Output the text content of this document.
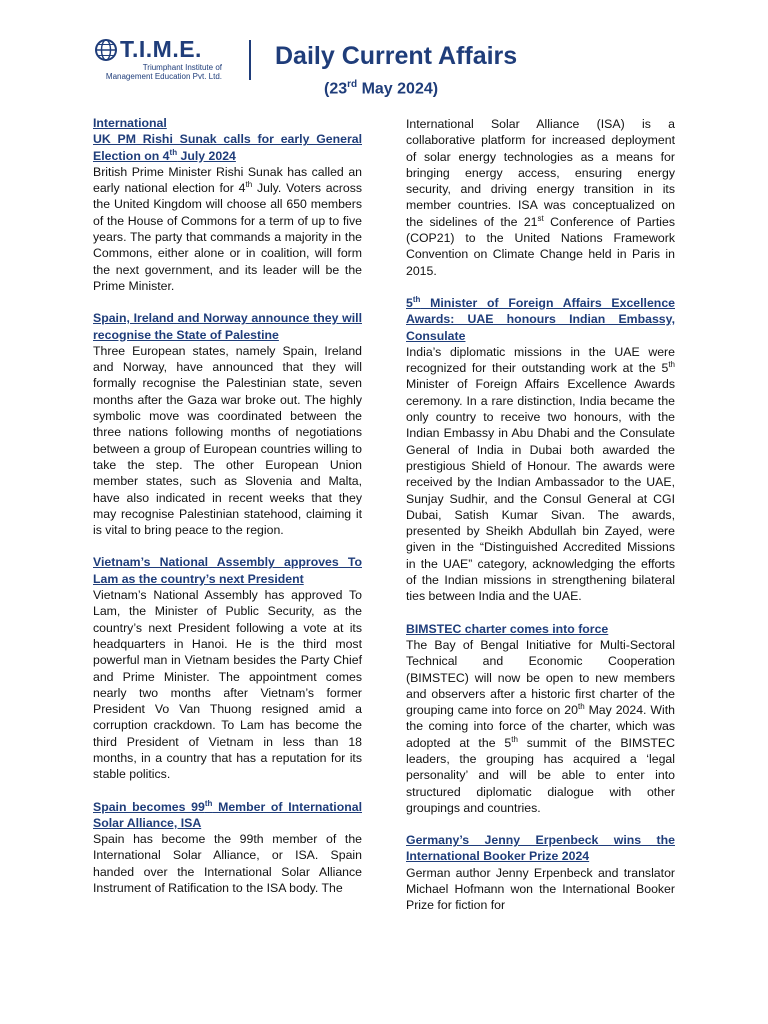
T.I.M.E.
Triumphant Institute of
Management Education Pvt. Ltd.
Daily Current Affairs
(23rd May 2024)
International
UK PM Rishi Sunak calls for early General Election on 4th July 2024
British Prime Minister Rishi Sunak has called an early national election for 4th July. Voters across the United Kingdom will choose all 650 members of the House of Commons for a term of up to five years. The party that commands a majority in the Commons, either alone or in coalition, will form the next government, and its leader will be the Prime Minister.
Spain, Ireland and Norway announce they will recognise the State of Palestine
Three European states, namely Spain, Ireland and Norway, have announced that they will formally recognise the Palestinian state, seven months after the Gaza war broke out. The highly symbolic move was coordinated between the three nations following months of negotiations between a group of European countries willing to take the step. The other European Union member states, such as Slovenia and Malta, have also indicated in recent weeks that they may recognise Palestinian statehood, claiming it is vital to bring peace to the region.
Vietnam’s National Assembly approves To Lam as the country’s next President
Vietnam’s National Assembly has approved To Lam, the Minister of Public Security, as the country’s next President following a vote at its headquarters in Hanoi. He is the third most powerful man in Vietnam besides the Party Chief and Prime Minister. The appointment comes nearly two months after Vietnam’s former President Vo Van Thuong resigned amid a corruption crackdown. To Lam has become the third President of Vietnam in less than 18 months, in a country that has a reputation for its stable politics.
Spain becomes 99th Member of International Solar Alliance, ISA
Spain has become the 99th member of the International Solar Alliance, or ISA. Spain handed over the International Solar Alliance Instrument of Ratification to the ISA body. The
International Solar Alliance (ISA) is a collaborative platform for increased deployment of solar energy technologies as a means for bringing energy access, ensuring energy security, and driving energy transition in its member countries. ISA was conceptualized on the sidelines of the 21st Conference of Parties (COP21) to the United Nations Framework Convention on Climate Change held in Paris in 2015.
5th Minister of Foreign Affairs Excellence Awards: UAE honours Indian Embassy, Consulate
India’s diplomatic missions in the UAE were recognized for their outstanding work at the 5th Minister of Foreign Affairs Excellence Awards ceremony. In a rare distinction, India became the only country to receive two honours, with the Indian Embassy in Abu Dhabi and the Consulate General of India in Dubai both awarded the prestigious Shield of Honour. The awards were received by the Indian Ambassador to the UAE, Sunjay Sudhir, and the Consul General at CGI Dubai, Satish Kumar Sivan. The awards, presented by Sheikh Abdullah bin Zayed, were given in the “Distinguished Accredited Missions in the UAE” category, acknowledging the efforts of the Indian missions in strengthening bilateral ties between India and the UAE.
BIMSTEC charter comes into force
The Bay of Bengal Initiative for Multi-Sectoral Technical and Economic Cooperation (BIMSTEC) will now be open to new members and observers after a historic first charter of the grouping came into force on 20th May 2024. With the coming into force of the charter, which was adopted at the 5th summit of the BIMSTEC leaders, the grouping has acquired a ‘legal personality’ and will be able to enter into structured diplomatic dialogue with other groupings and countries.
Germany’s Jenny Erpenbeck wins the International Booker Prize 2024
German author Jenny Erpenbeck and translator Michael Hofmann won the International Booker Prize for fiction for
